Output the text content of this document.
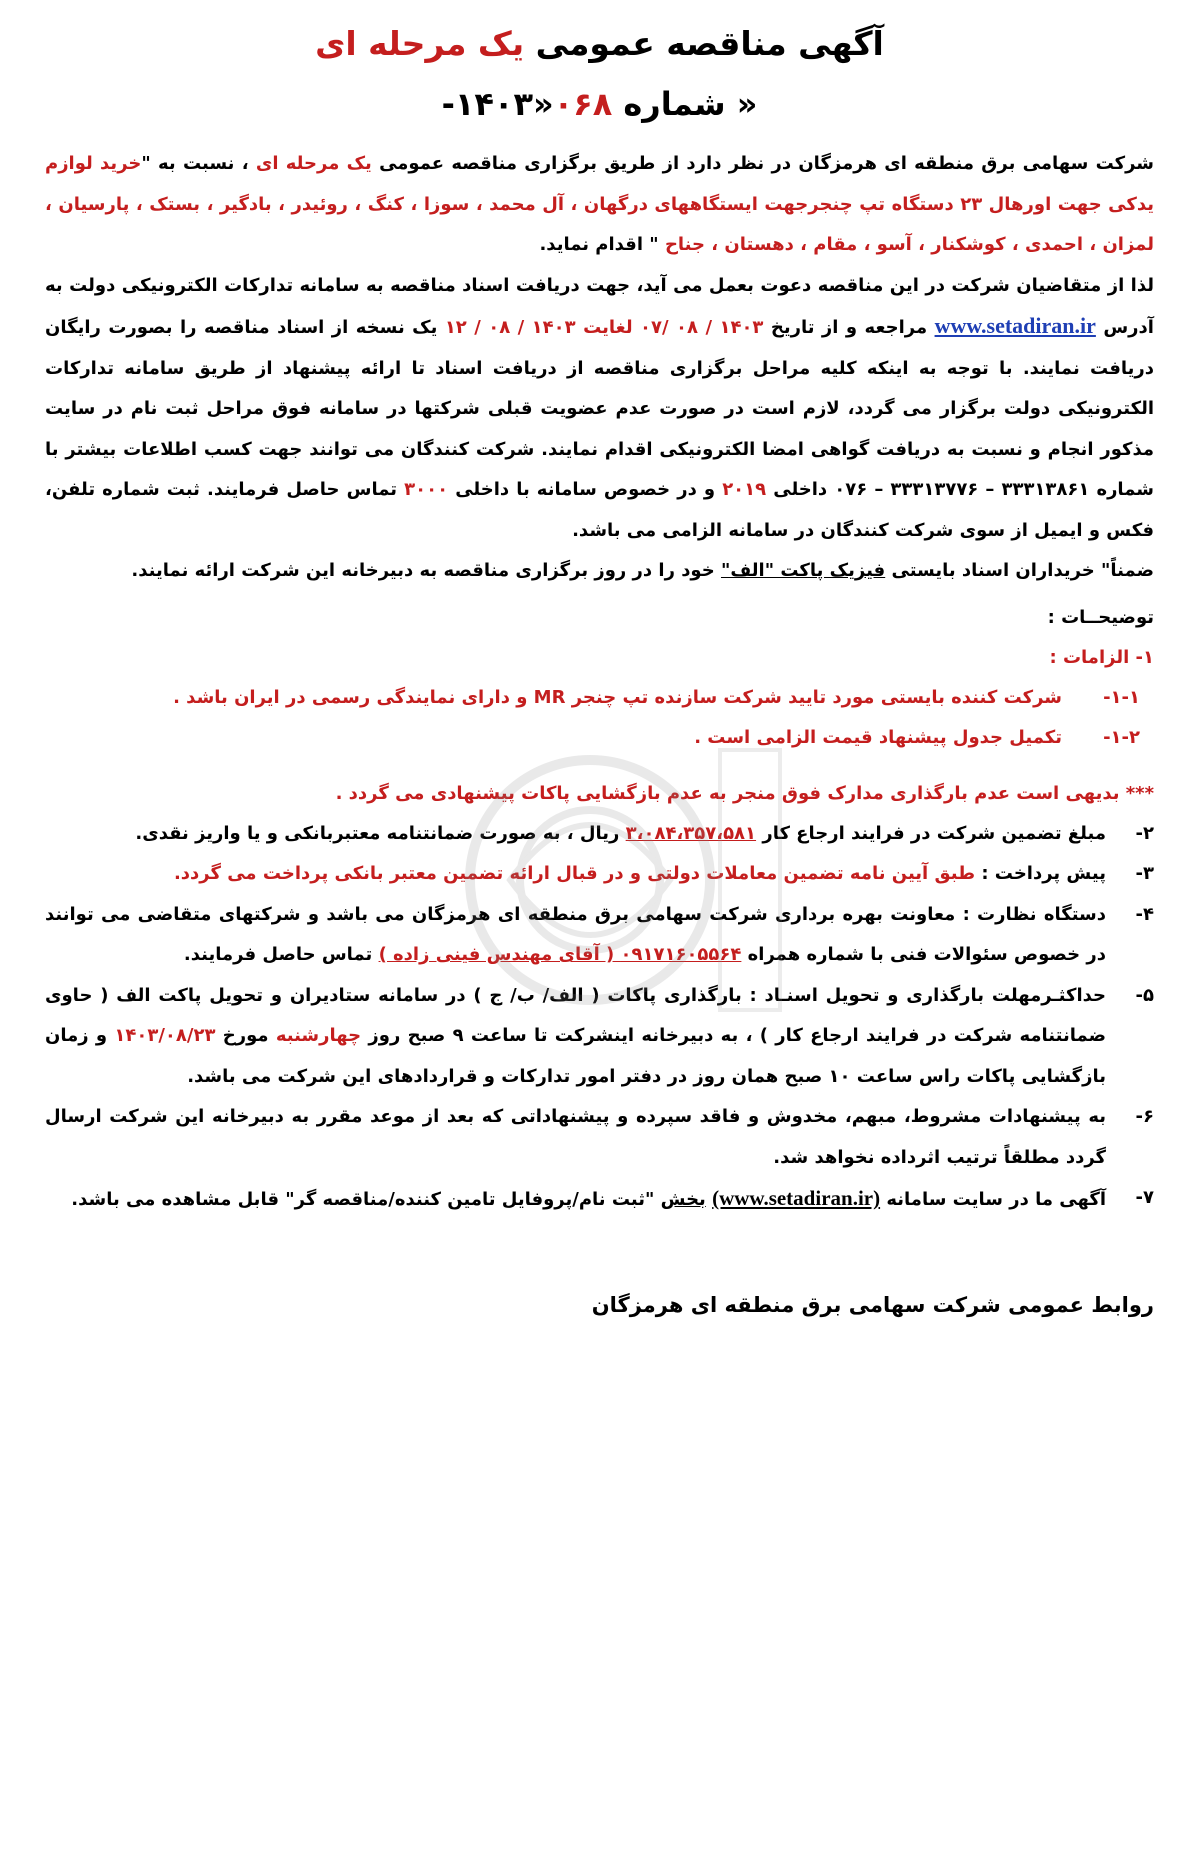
آگهی مناقصه عمومی یک مرحله ای
« شماره -۱۴۰۳»۰۶۸

شرکت سهامی برق منطقه ای هرمزگان در نظر دارد از طریق برگزاری مناقصه عمومی یک مرحله ای ، نسبت به "خرید لوازم یدکی جهت اورهال ۲۳ دستگاه تپ چنجرجهت ایستگاههای درگهان ، آل محمد ، سوزا ، کنگ ، روئیدر ، بادگیر ، بستک ، پارسیان ، لمزان ، احمدی ، کوشکنار ، آسو ، مقام ، دهستان ، جناح " اقدام نماید.

لذا از متقاضیان شرکت در این مناقصه دعوت بعمل می آید، جهت دریافت اسناد مناقصه به سامانه تدارکات الکترونیکی دولت به آدرس www.setadiran.ir مراجعه و از تاریخ ۰۷/ ۰۸ / ۱۴۰۳ لغایت ۱۲ / ۰۸ / ۱۴۰۳ یک نسخه از اسناد مناقصه را بصورت رایگان دریافت نمایند. با توجه به اینکه کلیه مراحل برگزاری مناقصه از دریافت اسناد تا ارائه پیشنهاد از طریق سامانه تدارکات الکترونیکی دولت برگزار می گردد، لازم است در صورت عدم عضویت قبلی شرکتها در سامانه فوق مراحل ثبت نام در سایت مذکور انجام و نسبت به دریافت گواهی امضا الکترونیکی اقدام نمایند. شرکت کنندگان می توانند جهت کسب اطلاعات بیشتر با شماره ۳۳۳۱۳۸۶۱ – ۳۳۳۱۳۷۷۶ – ۰۷۶ داخلی ۲۰۱۹ و در خصوص سامانه با داخلی ۳۰۰۰ تماس حاصل فرمایند. ثبت شماره تلفن، فکس و ایمیل از سوی شرکت کنندگان در سامانه الزامی می باشد.

ضمناً" خریداران اسناد بایستی فیزیک پاکت "الف" خود را در روز برگزاری مناقصه به دبیرخانه این شرکت ارائه نمایند.

توضیحــات :
۱- الزامات :
۱-۱-
شرکت کننده بایستی مورد تایید شرکت سازنده تپ چنجر MR و دارای نمایندگی رسمی در ایران باشد .
۱-۲-
تکمیل جدول پیشنهاد قیمت الزامی است .
*** بدیهی است عدم بارگذاری مدارک فوق منجر به عدم بازگشایی پاکات پیشنهادی می گردد .
۲-
مبلغ تضمین شرکت در فرایند ارجاع کار ۳،۰۸۴،۳۵۷،۵۸۱ ریال ، به صورت ضمانتنامه معتبربانکی و یا واریز نقدی.
۳-
پیش پرداخت : طبق آیین نامه تضمین معاملات دولتی و در قبال ارائه تضمین معتبر بانکی پرداخت می گردد.
۴-
دستگاه نظارت : معاونت بهره برداری شرکت سهامی برق منطقه ای هرمزگان می باشد و شرکتهای متقاضی می توانند در خصوص سئوالات فنی با شماره همراه ۰۹۱۷۱۶۰۵۵۶۴ ( آقای مهندس فینی زاده ) تماس حاصل فرمایند.
۵-
حداکثـرمهلت بارگذاری و تحویل اسنـاد : بارگذاری پاکات ( الف/ ب/ ج ) در سامانه ستادیران و تحویل پاکت الف ( حاوی ضمانتنامه شرکت در فرایند ارجاع کار ) ، به دبیرخانه اینشرکت تا ساعت ۹ صبح روز چهارشنبه مورخ ۱۴۰۳/۰۸/۲۳ و زمان بازگشایی پاکات راس ساعت ۱۰ صبح همان روز در دفتر امور تدارکات و قراردادهای این شرکت می باشد.
۶-
به پیشنهادات مشروط، مبهم، مخدوش و فاقد سپرده و پیشنهاداتی که بعد از موعد مقرر به دبیرخانه این شرکت ارسال گردد مطلقاً ترتیب اثرداده نخواهد شد.
۷-
آگهی ما در سایت سامانه (www.setadiran.ir) بخش "ثبت نام/پروفایل تامین کننده/مناقصه گر" قابل مشاهده می باشد.
روابط عمومی شرکت سهامی برق منطقه ای هرمزگان
